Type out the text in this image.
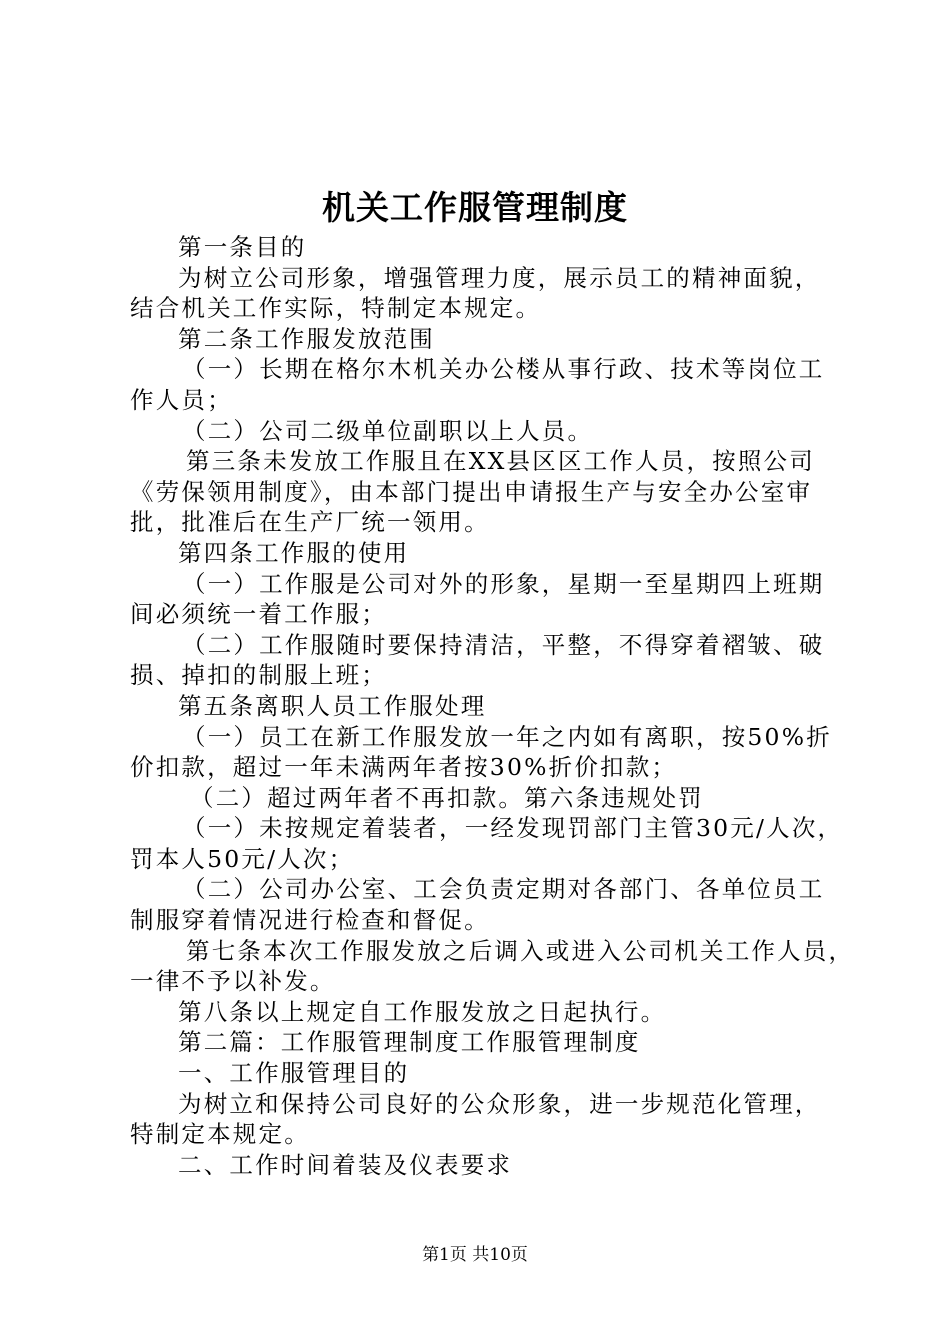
机关工作服管理制度
第一条目的
为树立公司形象，增强管理力度，展示员工的精神面貌，
结合机关工作实际，特制定本规定。
第二条工作服发放范围
（一）长期在格尔木机关办公楼从事行政、技术等岗位工
作人员；
（二）公司二级单位副职以上人员。
第三条未发放工作服且在XX县区区工作人员，按照公司
《劳保领用制度》，由本部门提出申请报生产与安全办公室审
批，批准后在生产厂统一领用。
第四条工作服的使用
（一）工作服是公司对外的形象，星期一至星期四上班期
间必须统一着工作服；
（二）工作服随时要保持清洁，平整，不得穿着褶皱、破
损、掉扣的制服上班；
第五条离职人员工作服处理
（一）员工在新工作服发放一年之内如有离职，按50%折
价扣款，超过一年未满两年者按30%折价扣款；
（二）超过两年者不再扣款。第六条违规处罚
（一）未按规定着装者，一经发现罚部门主管30元/人次，
罚本人50元/人次；
（二）公司办公室、工会负责定期对各部门、各单位员工
制服穿着情况进行检查和督促。
第七条本次工作服发放之后调入或进入公司机关工作人员，
一律不予以补发。
第八条以上规定自工作服发放之日起执行。
第二篇：工作服管理制度工作服管理制度
一、工作服管理目的
为树立和保持公司良好的公众形象，进一步规范化管理，
特制定本规定。
二、工作时间着装及仪表要求
第1页 共10页
